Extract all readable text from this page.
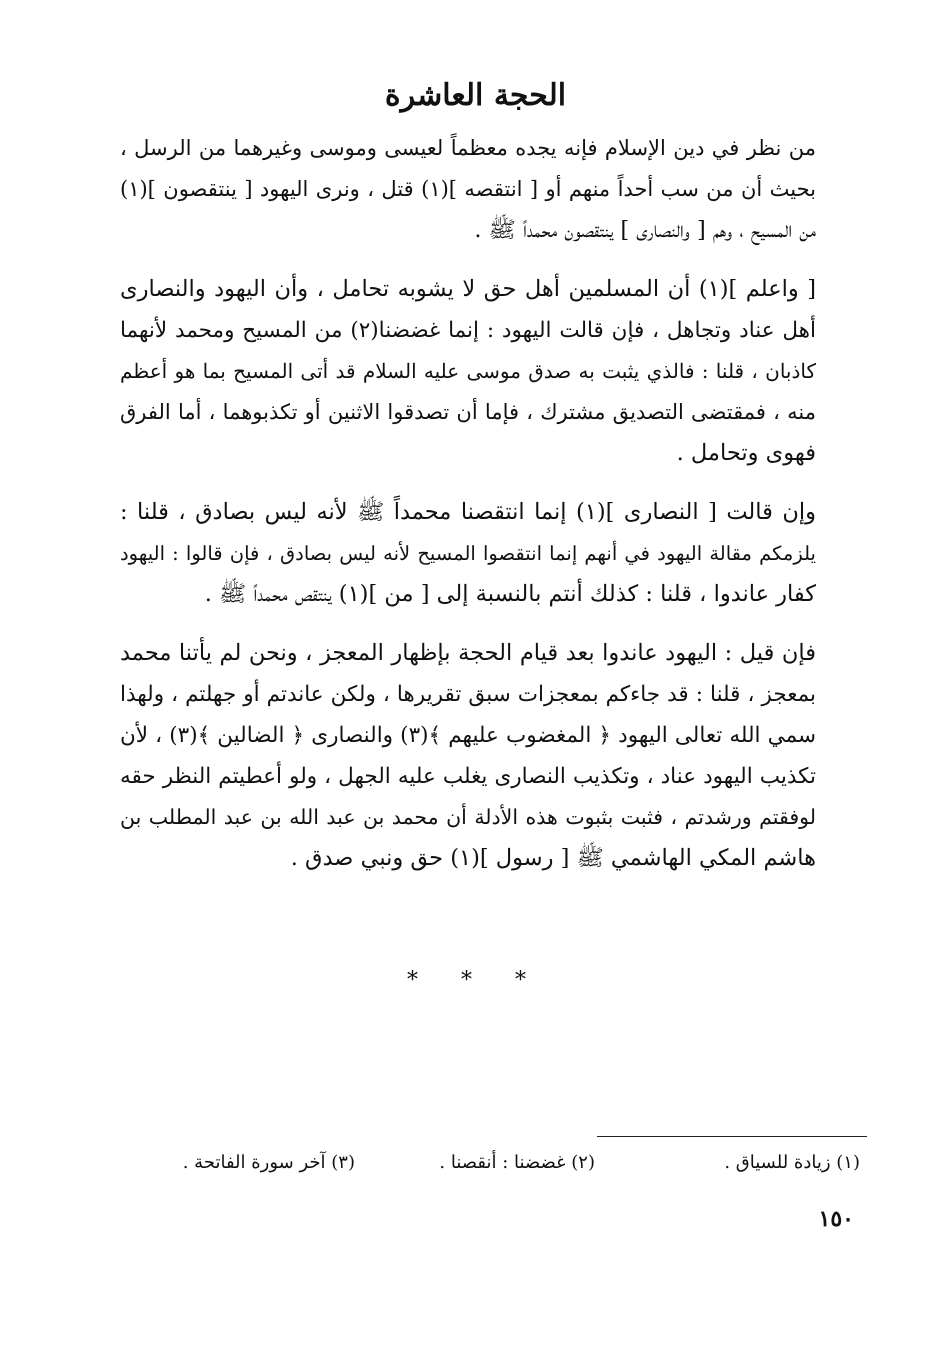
الحجة العاشرة

من نظر في دين الإسلام فإنه يجده معظماً لعيسى وموسى وغيرهما من الرسل ،
بحيث أن من سب أحداً منهم أو [ انتقصه ](١) قتل ، ونرى اليهود [ ينتقصون ](١)
من المسيح ، وهم [ والنصارى ] ينتقصون محمداً ﷺ .

[ واعلم ](١) أن المسلمين أهل حق لا يشوبه تحامل ، وأن اليهود والنصارى
أهل عناد وتجاهل ، فإن قالت اليهود : إنما غضضنا(٢) من المسيح ومحمد لأنهما
كاذبان ، قلنا : فالذي يثبت به صدق موسى عليه السلام قد أتى المسيح بما هو أعظم
منه ، فمقتضى التصديق مشترك ، فإما أن تصدقوا الاثنين أو تكذبوهما ، أما الفرق
فهوى وتحامل .

وإن قالت [ النصارى ](١) إنما انتقصنا محمداً ﷺ لأنه ليس بصادق ، قلنا :
يلزمكم مقالة اليهود في أنهم إنما انتقصوا المسيح لأنه ليس بصادق ، فإن قالوا : اليهود
كفار عاندوا ، قلنا : كذلك أنتم بالنسبة إلى [ من ](١) ينتقص محمداً ﷺ .

فإن قيل : اليهود عاندوا بعد قيام الحجة بإظهار المعجز ، ونحن لم يأتنا محمد
بمعجز ، قلنا : قد جاءكم بمعجزات سبق تقريرها ، ولكن عاندتم أو جهلتم ، ولهذا
سمي الله تعالى اليهود ﴿ المغضوب عليهم ﴾(٣) والنصارى ﴿ الضالين ﴾(٣) ، لأن
تكذيب اليهود عناد ، وتكذيب النصارى يغلب عليه الجهل ، ولو أعطيتم النظر حقه
لوفقتم ورشدتم ، فثبت بثبوت هذه الأدلة أن محمد بن عبد الله بن عبد المطلب بن
هاشم المكي الهاشمي ﷺ [ رسول ](١) حق ونبي صدق .

* * *
(١) زيادة للسياق .
(٢) غضضنا : أنقصنا .
(٣) آخر سورة الفاتحة .
١٥٠
